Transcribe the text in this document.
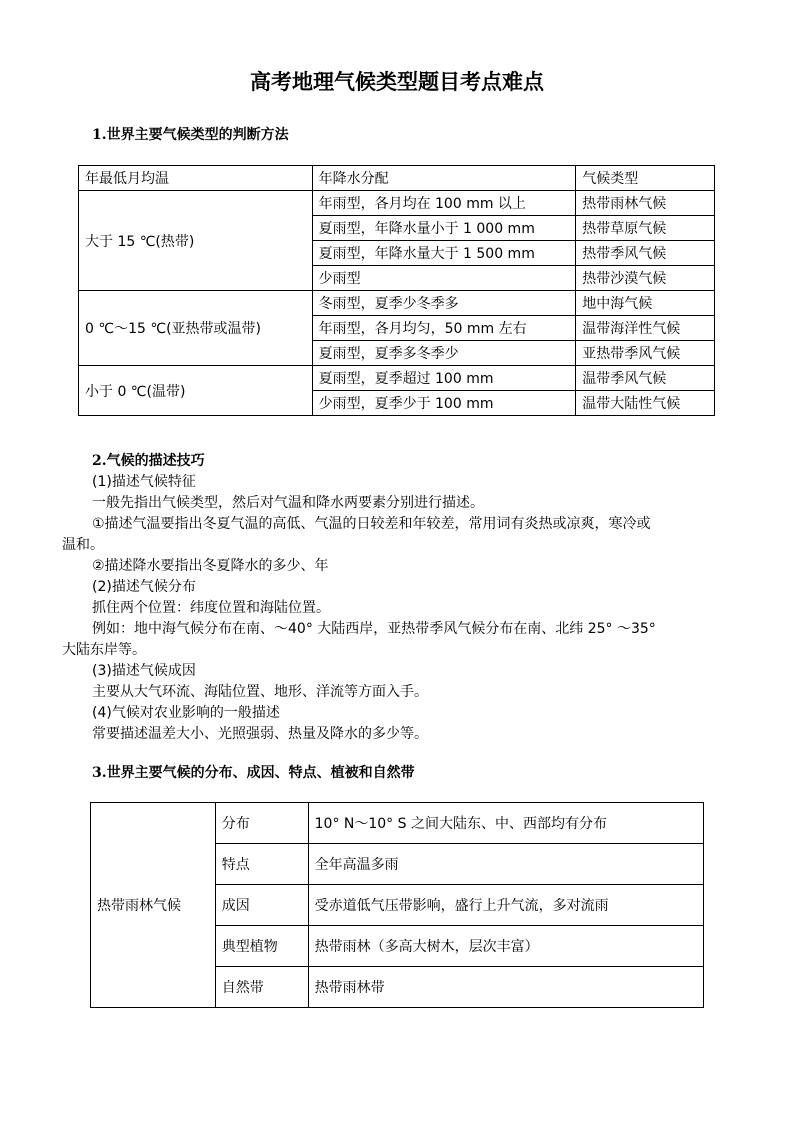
高考地理气候类型题目考点难点
1.世界主要气候类型的判断方法
年最低月均温	年降水分配	气候类型
大于 15 ℃(热带)	年雨型，各月均在 100 mm 以上	热带雨林气候
	夏雨型，年降水量小于 1 000 mm	热带草原气候
	夏雨型，年降水量大于 1 500 mm	热带季风气候
	少雨型	热带沙漠气候
0 ℃～15 ℃(亚热带或温带)	冬雨型，夏季少冬季多	地中海气候
	年雨型，各月均匀，50 mm 左右	温带海洋性气候
	夏雨型，夏季多冬季少	亚热带季风气候
小于 0 ℃(温带)	夏雨型，夏季超过 100 mm	温带季风气候
	少雨型，夏季少于 100 mm	温带大陆性气候
2.气候的描述技巧
(1)描述气候特征
一般先指出气候类型，然后对气温和降水两要素分别进行描述。
①描述气温要指出冬夏气温的高低、气温的日较差和年较差，常用词有炎热或凉爽，寒冷或
温和。
②描述降水要指出冬夏降水的多少、年
(2)描述气候分布
抓住两个位置：纬度位置和海陆位置。
例如：地中海气候分布在南、～40° 大陆西岸，亚热带季风气候分布在南、北纬 25° ～35°
大陆东岸等。
(3)描述气候成因
主要从大气环流、海陆位置、地形、洋流等方面入手。
(4)气候对农业影响的一般描述
常要描述温差大小、光照强弱、热量及降水的多少等。
3.世界主要气候的分布、成因、特点、植被和自然带
热带雨林气候	分布	10° N～10° S 之间大陆东、中、西部均有分布
	特点	全年高温多雨
	成因	受赤道低气压带影响，盛行上升气流，多对流雨
	典型植物	热带雨林（多高大树木，层次丰富）
	自然带	热带雨林带
